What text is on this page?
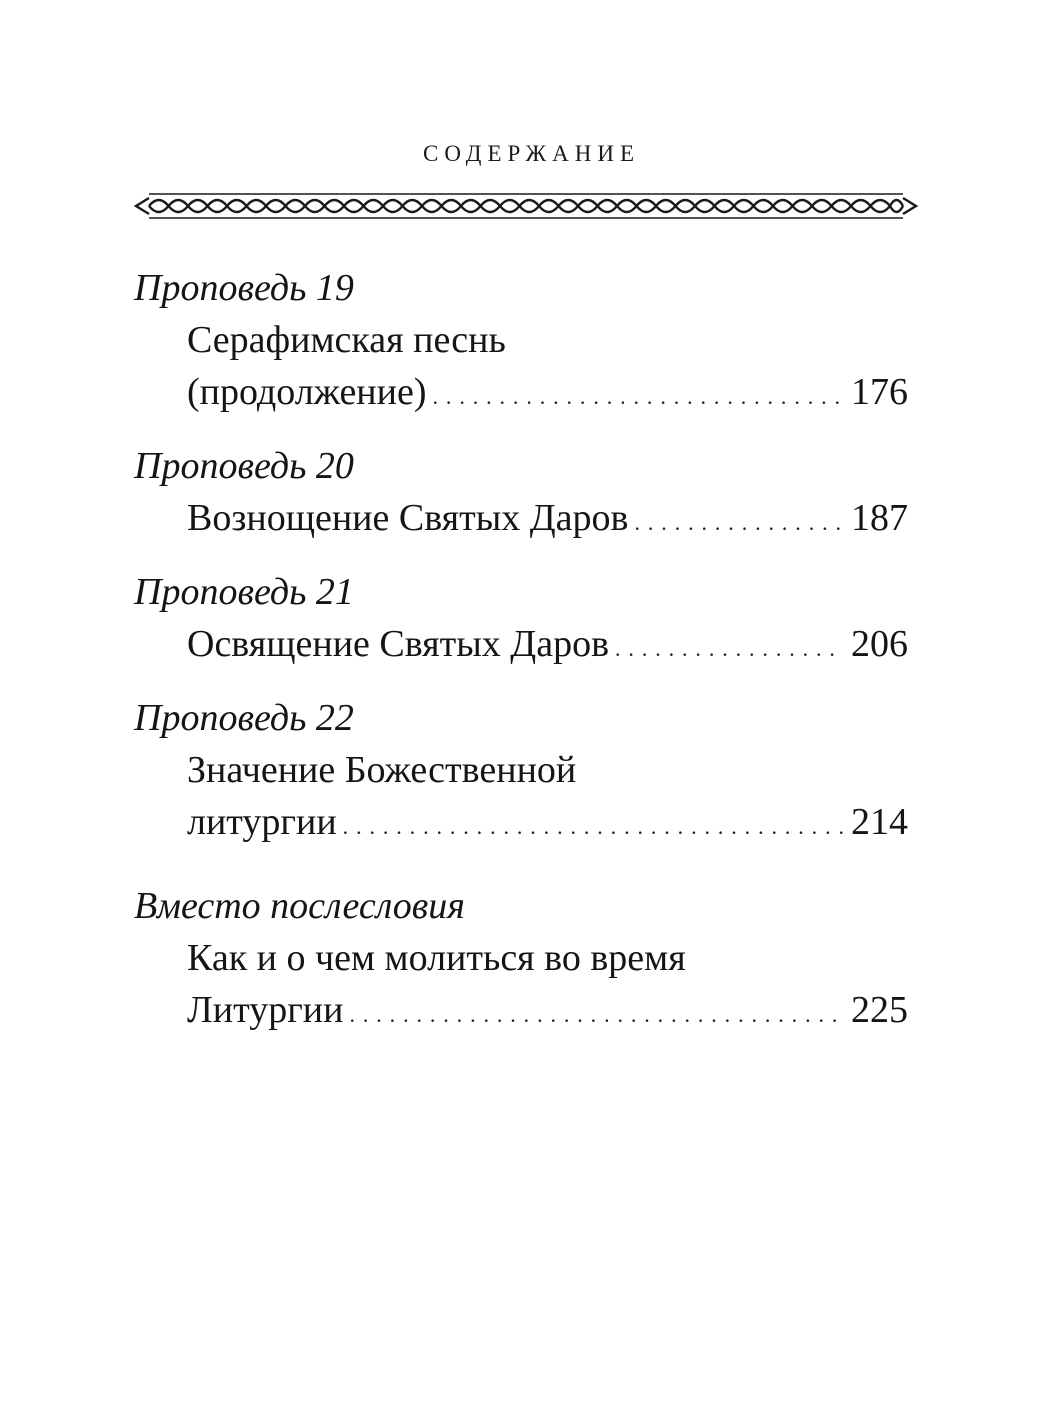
СОДЕРЖАНИЕ
Проповедь 19
Серафимская песнь
(продолжение) . . .	176
Проповедь 20
Вознощение Святых Даров . . .	187
Проповедь 21
Освящение Святых Даров . . .	206
Проповедь 22
Значение Божественной
литургии . . .	214
Вместо послесловия
Как и о чем молиться во время
Литургии . . .	225
